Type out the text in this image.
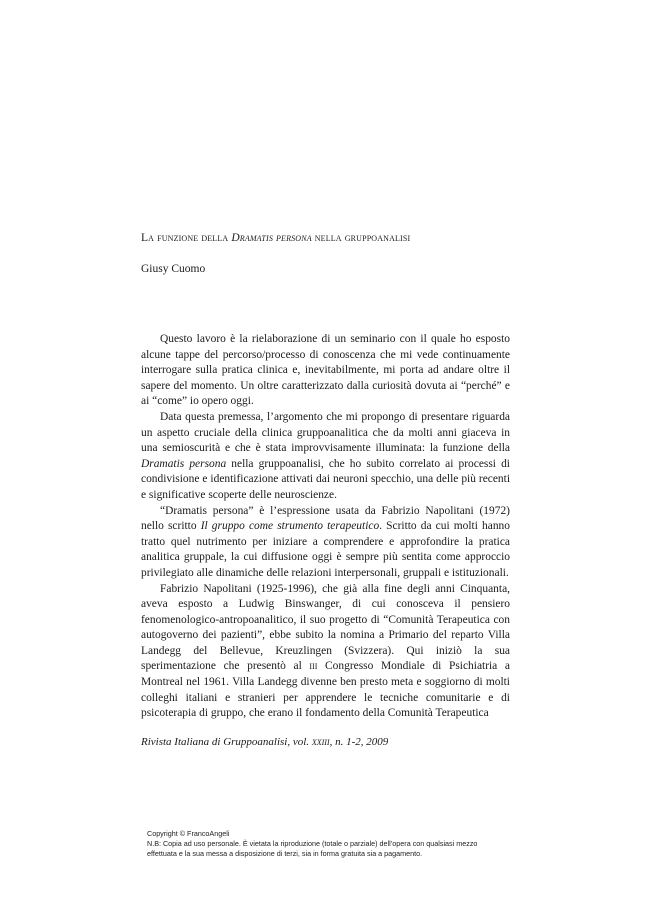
La funzione della Dramatis persona nella gruppoanalisi
Giusy Cuomo

Questo lavoro è la rielaborazione di un seminario con il quale ho esposto alcune tappe del percorso/processo di conoscenza che mi vede continuamente interrogare sulla pratica clinica e, inevitabilmente, mi porta ad andare oltre il sapere del momento. Un oltre caratterizzato dalla curiosità dovuta ai “perché” e ai “come” io opero oggi.

Data questa premessa, l’argomento che mi propongo di presentare riguarda un aspetto cruciale della clinica gruppoanalitica che da molti anni giaceva in una semioscurità e che è stata improvvisamente illuminata: la funzione della Dramatis persona nella gruppoanalisi, che ho subito correlato ai processi di condivisione e identificazione attivati dai neuroni specchio, una delle più recenti e significative scoperte delle neuroscienze.

“Dramatis persona” è l’espressione usata da Fabrizio Napolitani (1972) nello scritto Il gruppo come strumento terapeutico. Scritto da cui molti hanno tratto quel nutrimento per iniziare a comprendere e approfondire la pratica analitica gruppale, la cui diffusione oggi è sempre più sentita come approccio privilegiato alle dinamiche delle relazioni interpersonali, gruppali e istituzionali.

Fabrizio Napolitani (1925-1996), che già alla fine degli anni Cinquanta, aveva esposto a Ludwig Binswanger, di cui conosceva il pensiero fenomenologico-antropoanalitico, il suo progetto di “Comunità Terapeutica con autogoverno dei pazienti”, ebbe subito la nomina a Primario del reparto Villa Landegg del Bellevue, Kreuzlingen (Svizzera). Qui iniziò la sua sperimentazione che presentò al iii Congresso Mondiale di Psichiatria a Montreal nel 1961. Villa Landegg divenne ben presto meta e soggiorno di molti colleghi italiani e stranieri per apprendere le tecniche comunitarie e di psicoterapia di gruppo, che erano il fondamento della Comunità Terapeutica

Rivista Italiana di Gruppoanalisi, vol. xxiii, n. 1-2, 2009
Copyright © FrancoAngeli
N.B: Copia ad uso personale. È vietata la riproduzione (totale o parziale) dell’opera con qualsiasi mezzo
effettuata e la sua messa a disposizione di terzi, sia in forma gratuita sia a pagamento.
